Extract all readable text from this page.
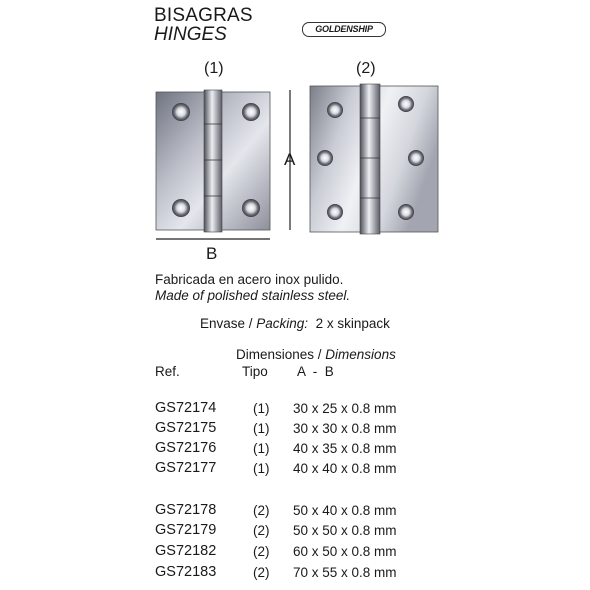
BISAGRAS
HINGES	GOLDENSHIP
(1)	(2)
A
B
Fabricada en acero inox pulido.
Made of polished stainless steel.
Envase / Packing: 2 x skinpack
Dimensiones / Dimensions
Ref.	Tipo A  -  B
GS72174	(1) 30 x 25 x 0.8 mm
GS72175	(1) 30 x 30 x 0.8 mm
GS72176	(1) 40 x 35 x 0.8 mm
GS72177	(1) 40 x 40 x 0.8 mm
GS72178	(2) 50 x 40 x 0.8 mm
GS72179	(2) 50 x 50 x 0.8 mm
GS72182	(2) 60 x 50 x 0.8 mm
GS72183	(2) 70 x 55 x 0.8 mm
